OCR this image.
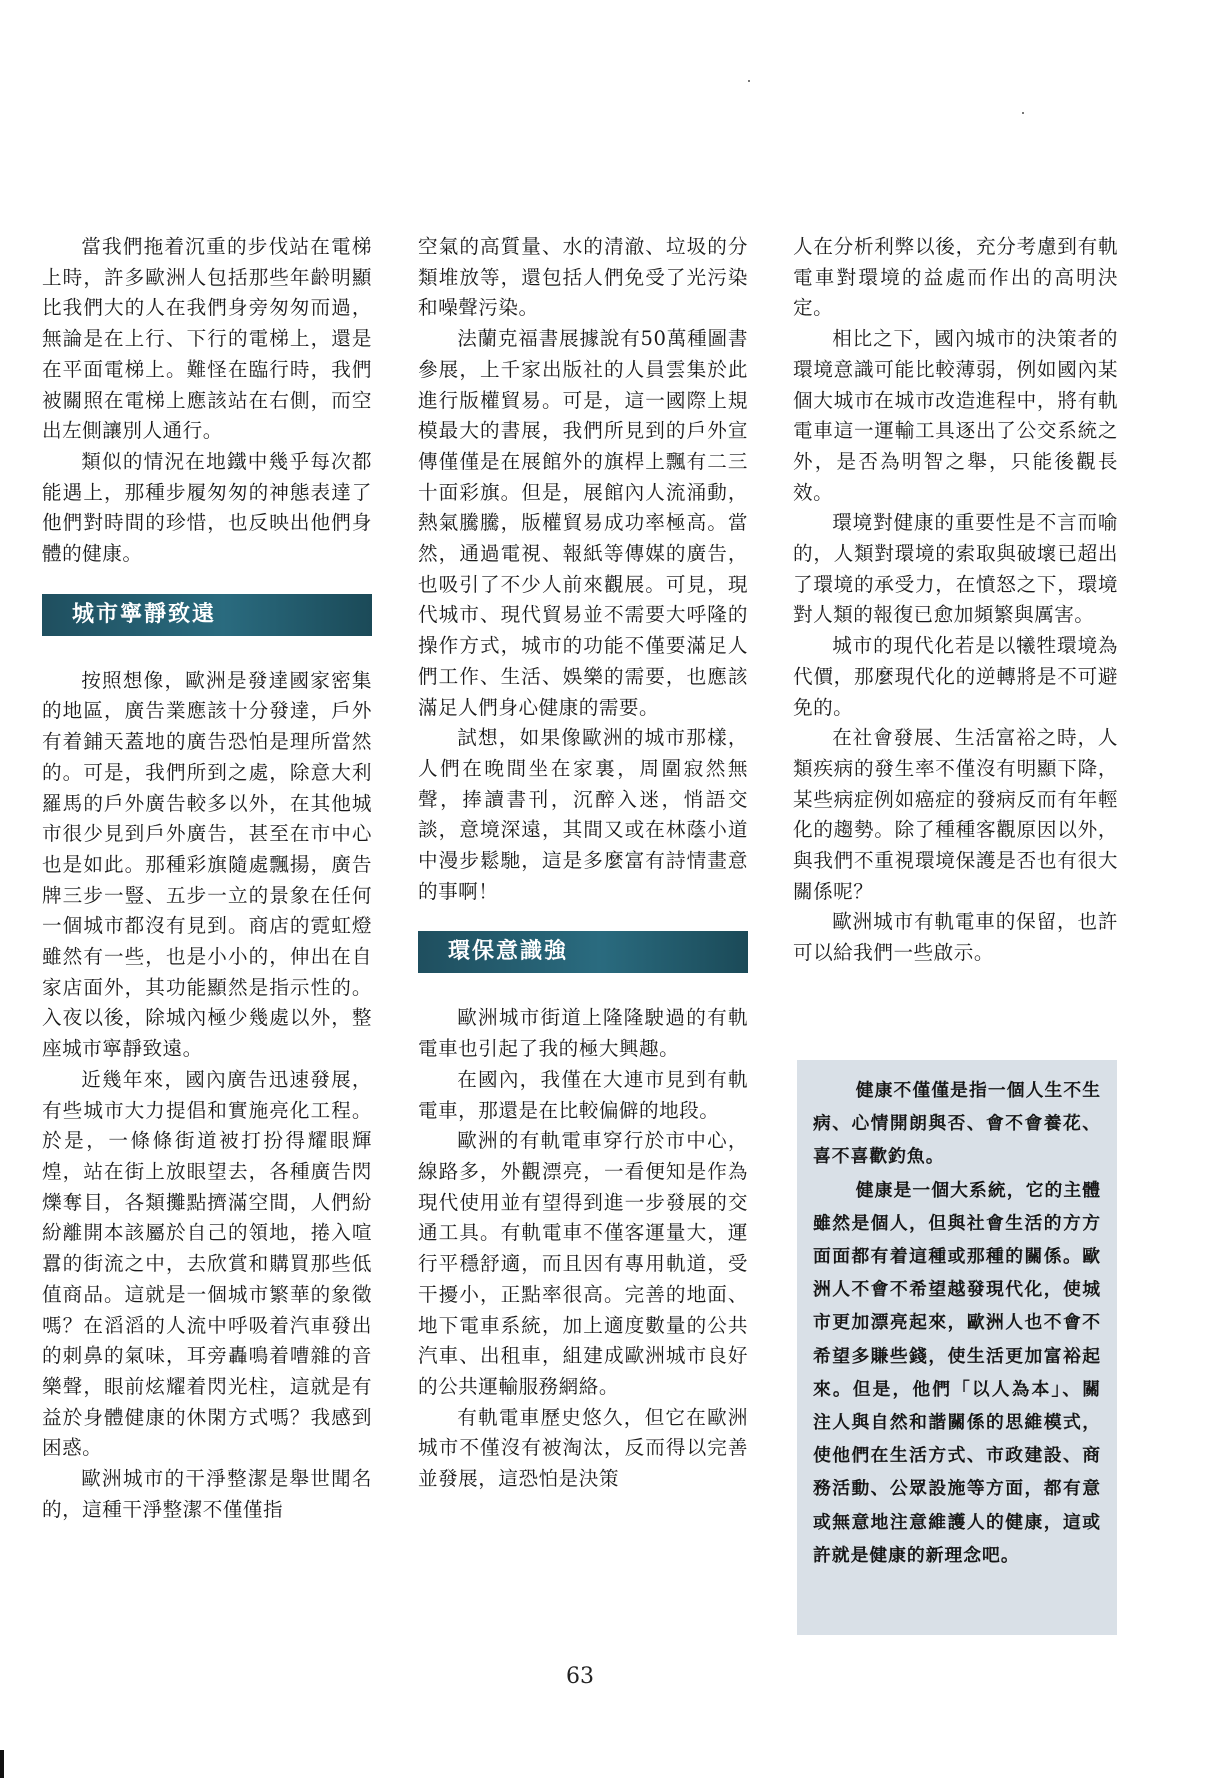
當我們拖着沉重的步伐站在電梯上時，許多歐洲人包括那些年齡明顯比我們大的人在我們身旁匆匆而過，無論是在上行、下行的電梯上，還是在平面電梯上。難怪在臨行時，我們被關照在電梯上應該站在右側，而空出左側讓別人通行。

類似的情況在地鐵中幾乎每次都能遇上，那種步履匆匆的神態表達了他們對時間的珍惜，也反映出他們身體的健康。

城市寧靜致遠

按照想像，歐洲是發達國家密集的地區，廣告業應該十分發達，戶外有着鋪天蓋地的廣告恐怕是理所當然的。可是，我們所到之處，除意大利羅馬的戶外廣告較多以外，在其他城市很少見到戶外廣告，甚至在市中心也是如此。那種彩旗隨處飄揚，廣告牌三步一豎、五步一立的景象在任何一個城市都沒有見到。商店的霓虹燈雖然有一些，也是小小的，伸出在自家店面外，其功能顯然是指示性的。入夜以後，除城內極少幾處以外，整座城市寧靜致遠。

近幾年來，國內廣告迅速發展，有些城市大力提倡和實施亮化工程。於是，一條條街道被打扮得耀眼輝煌，站在街上放眼望去，各種廣告閃爍奪目，各類攤點擠滿空間，人們紛紛離開本該屬於自己的領地，捲入喧囂的街流之中，去欣賞和購買那些低值商品。這就是一個城市繁華的象徵嗎？在滔滔的人流中呼吸着汽車發出的刺鼻的氣味，耳旁轟鳴着嘈雜的音樂聲，眼前炫耀着閃光柱，這就是有益於身體健康的休閑方式嗎？我感到困惑。

歐洲城市的干淨整潔是舉世聞名的，這種干淨整潔不僅僅指

空氣的高質量、水的清澈、垃圾的分類堆放等，還包括人們免受了光污染和噪聲污染。

法蘭克福書展據說有50萬種圖書參展，上千家出版社的人員雲集於此進行版權貿易。可是，這一國際上規模最大的書展，我們所見到的戶外宣傳僅僅是在展館外的旗桿上飄有二三十面彩旗。但是，展館內人流涌動，熱氣騰騰，版權貿易成功率極高。當然，通過電視、報紙等傳媒的廣告，也吸引了不少人前來觀展。可見，現代城市、現代貿易並不需要大呼隆的操作方式，城市的功能不僅要滿足人們工作、生活、娛樂的需要，也應該滿足人們身心健康的需要。

試想，如果像歐洲的城市那樣，人們在晚間坐在家裏，周圍寂然無聲，捧讀書刊，沉醉入迷，悄語交談，意境深遠，其間又或在林蔭小道中漫步鬆馳，這是多麼富有詩情畫意的事啊！

環保意識強

歐洲城市街道上隆隆駛過的有軌電車也引起了我的極大興趣。

在國內，我僅在大連市見到有軌電車，那還是在比較偏僻的地段。

歐洲的有軌電車穿行於市中心，線路多，外觀漂亮，一看便知是作為現代使用並有望得到進一步發展的交通工具。有軌電車不僅客運量大，運行平穩舒適，而且因有專用軌道，受干擾小，正點率很高。完善的地面、地下電車系統，加上適度數量的公共汽車、出租車，組建成歐洲城市良好的公共運輸服務網絡。

有軌電車歷史悠久，但它在歐洲城市不僅沒有被淘汰，反而得以完善並發展，這恐怕是決策

人在分析利弊以後，充分考慮到有軌電車對環境的益處而作出的高明決定。

相比之下，國內城市的決策者的環境意識可能比較薄弱，例如國內某個大城市在城市改造進程中，將有軌電車這一運輸工具逐出了公交系統之外，是否為明智之舉，只能後觀長效。

環境對健康的重要性是不言而喻的，人類對環境的索取與破壞已超出了環境的承受力，在憤怒之下，環境對人類的報復已愈加頻繁與厲害。

城市的現代化若是以犧牲環境為代價，那麼現代化的逆轉將是不可避免的。

在社會發展、生活富裕之時，人類疾病的發生率不僅沒有明顯下降，某些病症例如癌症的發病反而有年輕化的趨勢。除了種種客觀原因以外，與我們不重視環境保護是否也有很大關係呢？

歐洲城市有軌電車的保留，也許可以給我們一些啟示。

健康不僅僅是指一個人生不生病、心情開朗與否、會不會養花、喜不喜歡釣魚。

健康是一個大系統，它的主體雖然是個人，但與社會生活的方方面面都有着這種或那種的關係。歐洲人不會不希望越發現代化，使城市更加漂亮起來，歐洲人也不會不希望多賺些錢，使生活更加富裕起來。但是，他們「以人為本」、關注人與自然和諧關係的思維模式，使他們在生活方式、市政建設、商務活動、公眾設施等方面，都有意或無意地注意維護人的健康，這或許就是健康的新理念吧。

63
